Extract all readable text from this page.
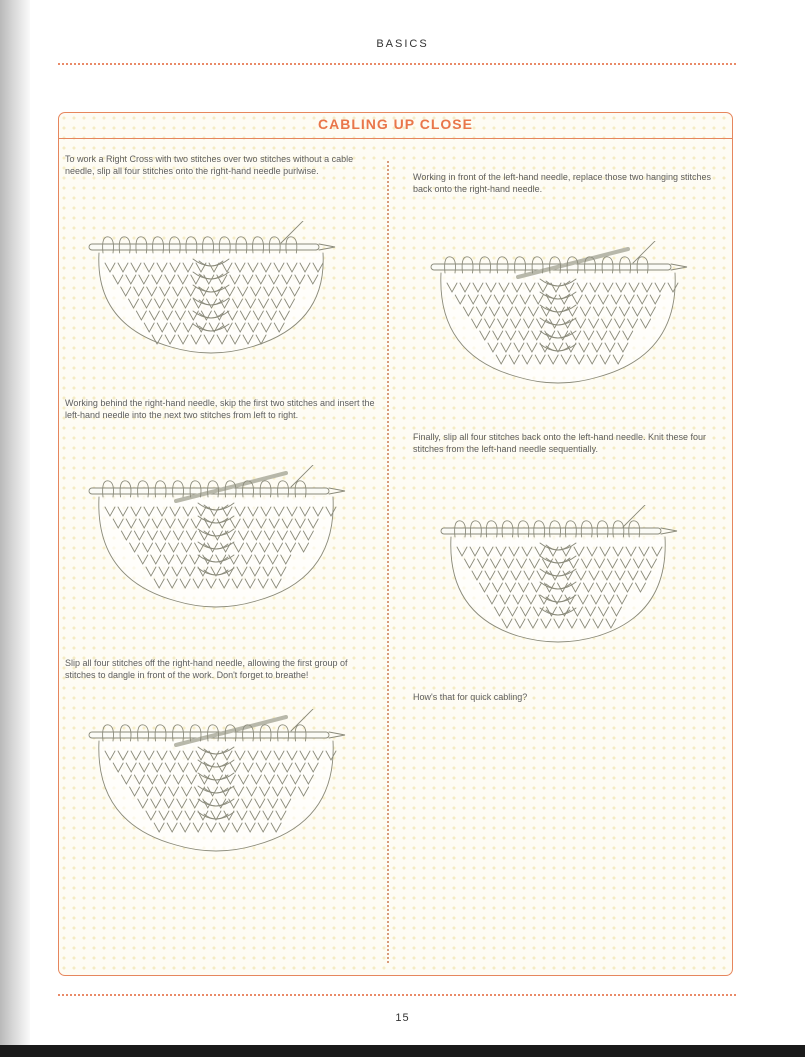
BASICS
CABLING UP CLOSE
To work a Right Cross with two stitches over two stitches without a cable needle, slip all four stitches onto the right-hand needle purlwise.
Working behind the right-hand needle, skip the first two stitches and insert the left-hand needle into the next two stitches from left to right.
Slip all four stitches off the right-hand needle, allowing the first group of stitches to dangle in front of the work. Don't forget to breathe!
Working in front of the left-hand needle, replace those two hanging stitches back onto the right-hand needle.
Finally, slip all four stitches back onto the left-hand needle. Knit these four stitches from the left-hand needle sequentially.
How's that for quick cabling?
15
